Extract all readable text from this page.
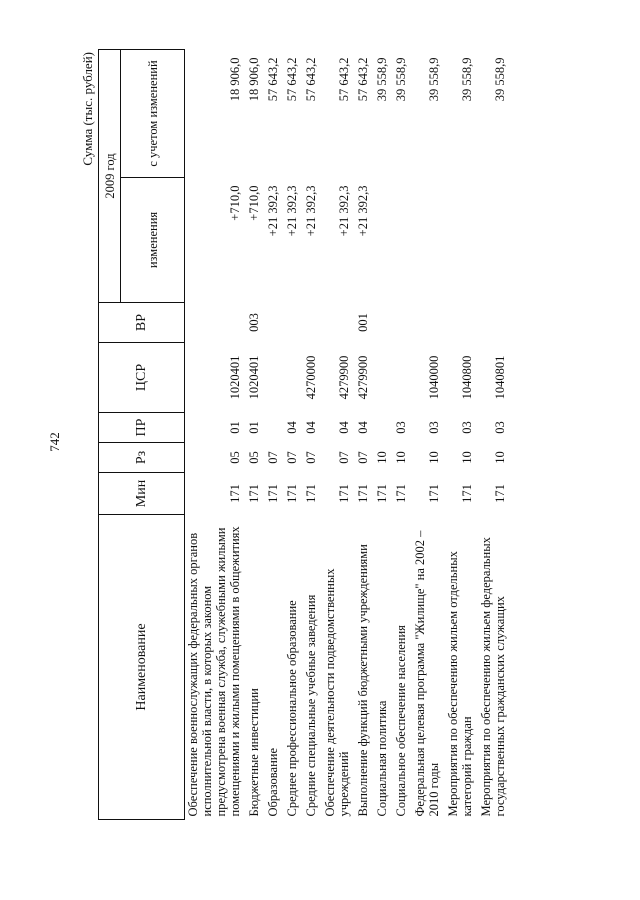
742
Сумма (тыс. рублей)
Наименование	Мин	Рз	ПР	ЦСР	ВР	2009 год	
						изменения	с учетом изменений
Обеспечение военнослужащих федеральных органов исполнительной власти, в которых законом предусмотрена военная служба, служебными жилыми помещениями и жилыми помещениями в общежитиях	171	05	01	1020401		+710,0	18 906,0
Бюджетные инвестиции	171	05	01	1020401	003	+710,0	18 906,0
Образование	171	07				+21 392,3	57 643,2
Среднее профессиональное образование	171	07	04			+21 392,3	57 643,2
Средние специальные учебные заведения	171	07	04	4270000		+21 392,3	57 643,2
Обеспечение деятельности подведомственных учреждений	171	07	04	4279900		+21 392,3	57 643,2
Выполнение функций бюджетными учреждениями	171	07	04	4279900	001	+21 392,3	57 643,2
Социальная политика	171	10					39 558,9
Социальное обеспечение населения	171	10	03				39 558,9
Федеральная целевая программа "Жилище" на 2002 – 2010 годы	171	10	03	1040000			39 558,9
Мероприятия по обеспечению жильем отдельных категорий граждан	171	10	03	1040800			39 558,9
Мероприятия по обеспечению жильем федеральных государственных гражданских служащих	171	10	03	1040801			39 558,9
